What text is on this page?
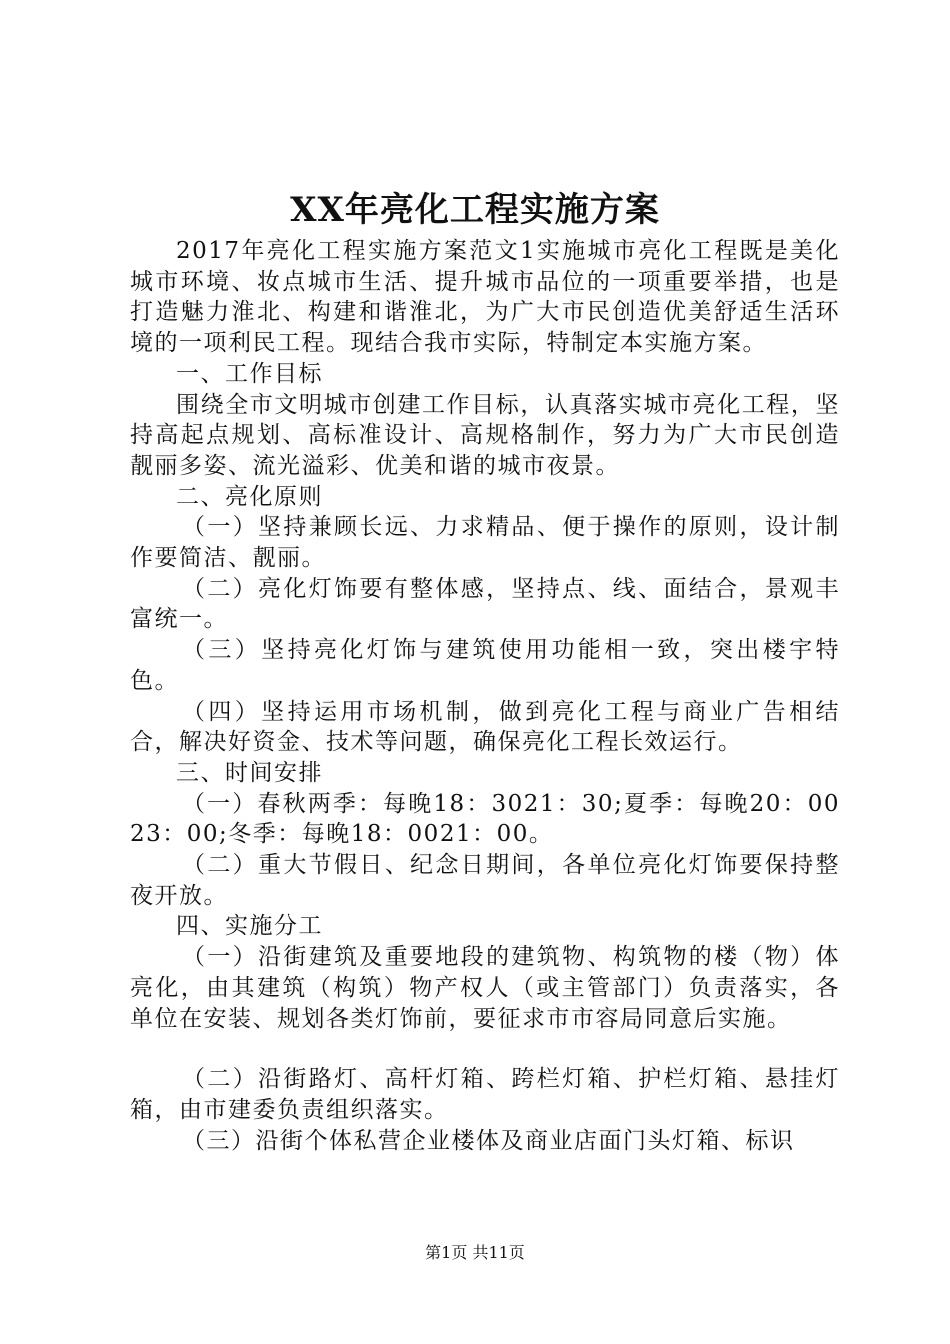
XX年亮化工程实施方案

2017年亮化工程实施方案范文1实施城市亮化工程既是美化城市环境、妆点城市生活、提升城市品位的一项重要举措，也是打造魅力淮北、构建和谐淮北，为广大市民创造优美舒适生活环境的一项利民工程。现结合我市实际，特制定本实施方案。

一、工作目标

围绕全市文明城市创建工作目标，认真落实城市亮化工程，坚持高起点规划、高标准设计、高规格制作，努力为广大市民创造靓丽多姿、流光溢彩、优美和谐的城市夜景。

二、亮化原则

（一）坚持兼顾长远、力求精品、便于操作的原则，设计制作要简洁、靓丽。

（二）亮化灯饰要有整体感，坚持点、线、面结合，景观丰富统一。

（三）坚持亮化灯饰与建筑使用功能相一致，突出楼宇特色。

（四）坚持运用市场机制，做到亮化工程与商业广告相结合，解决好资金、技术等问题，确保亮化工程长效运行。

三、时间安排

（一）春秋两季：每晚18：3021：30;夏季：每晚20：0023：00;冬季：每晚18：0021：00。

（二）重大节假日、纪念日期间，各单位亮化灯饰要保持整夜开放。

四、实施分工

（一）沿街建筑及重要地段的建筑物、构筑物的楼（物）体亮化，由其建筑（构筑）物产权人（或主管部门）负责落实，各单位在安装、规划各类灯饰前，要征求市市容局同意后实施。

（二）沿街路灯、高杆灯箱、跨栏灯箱、护栏灯箱、悬挂灯箱，由市建委负责组织落实。

（三）沿街个体私营企业楼体及商业店面门头灯箱、标识

第1页 共11页
